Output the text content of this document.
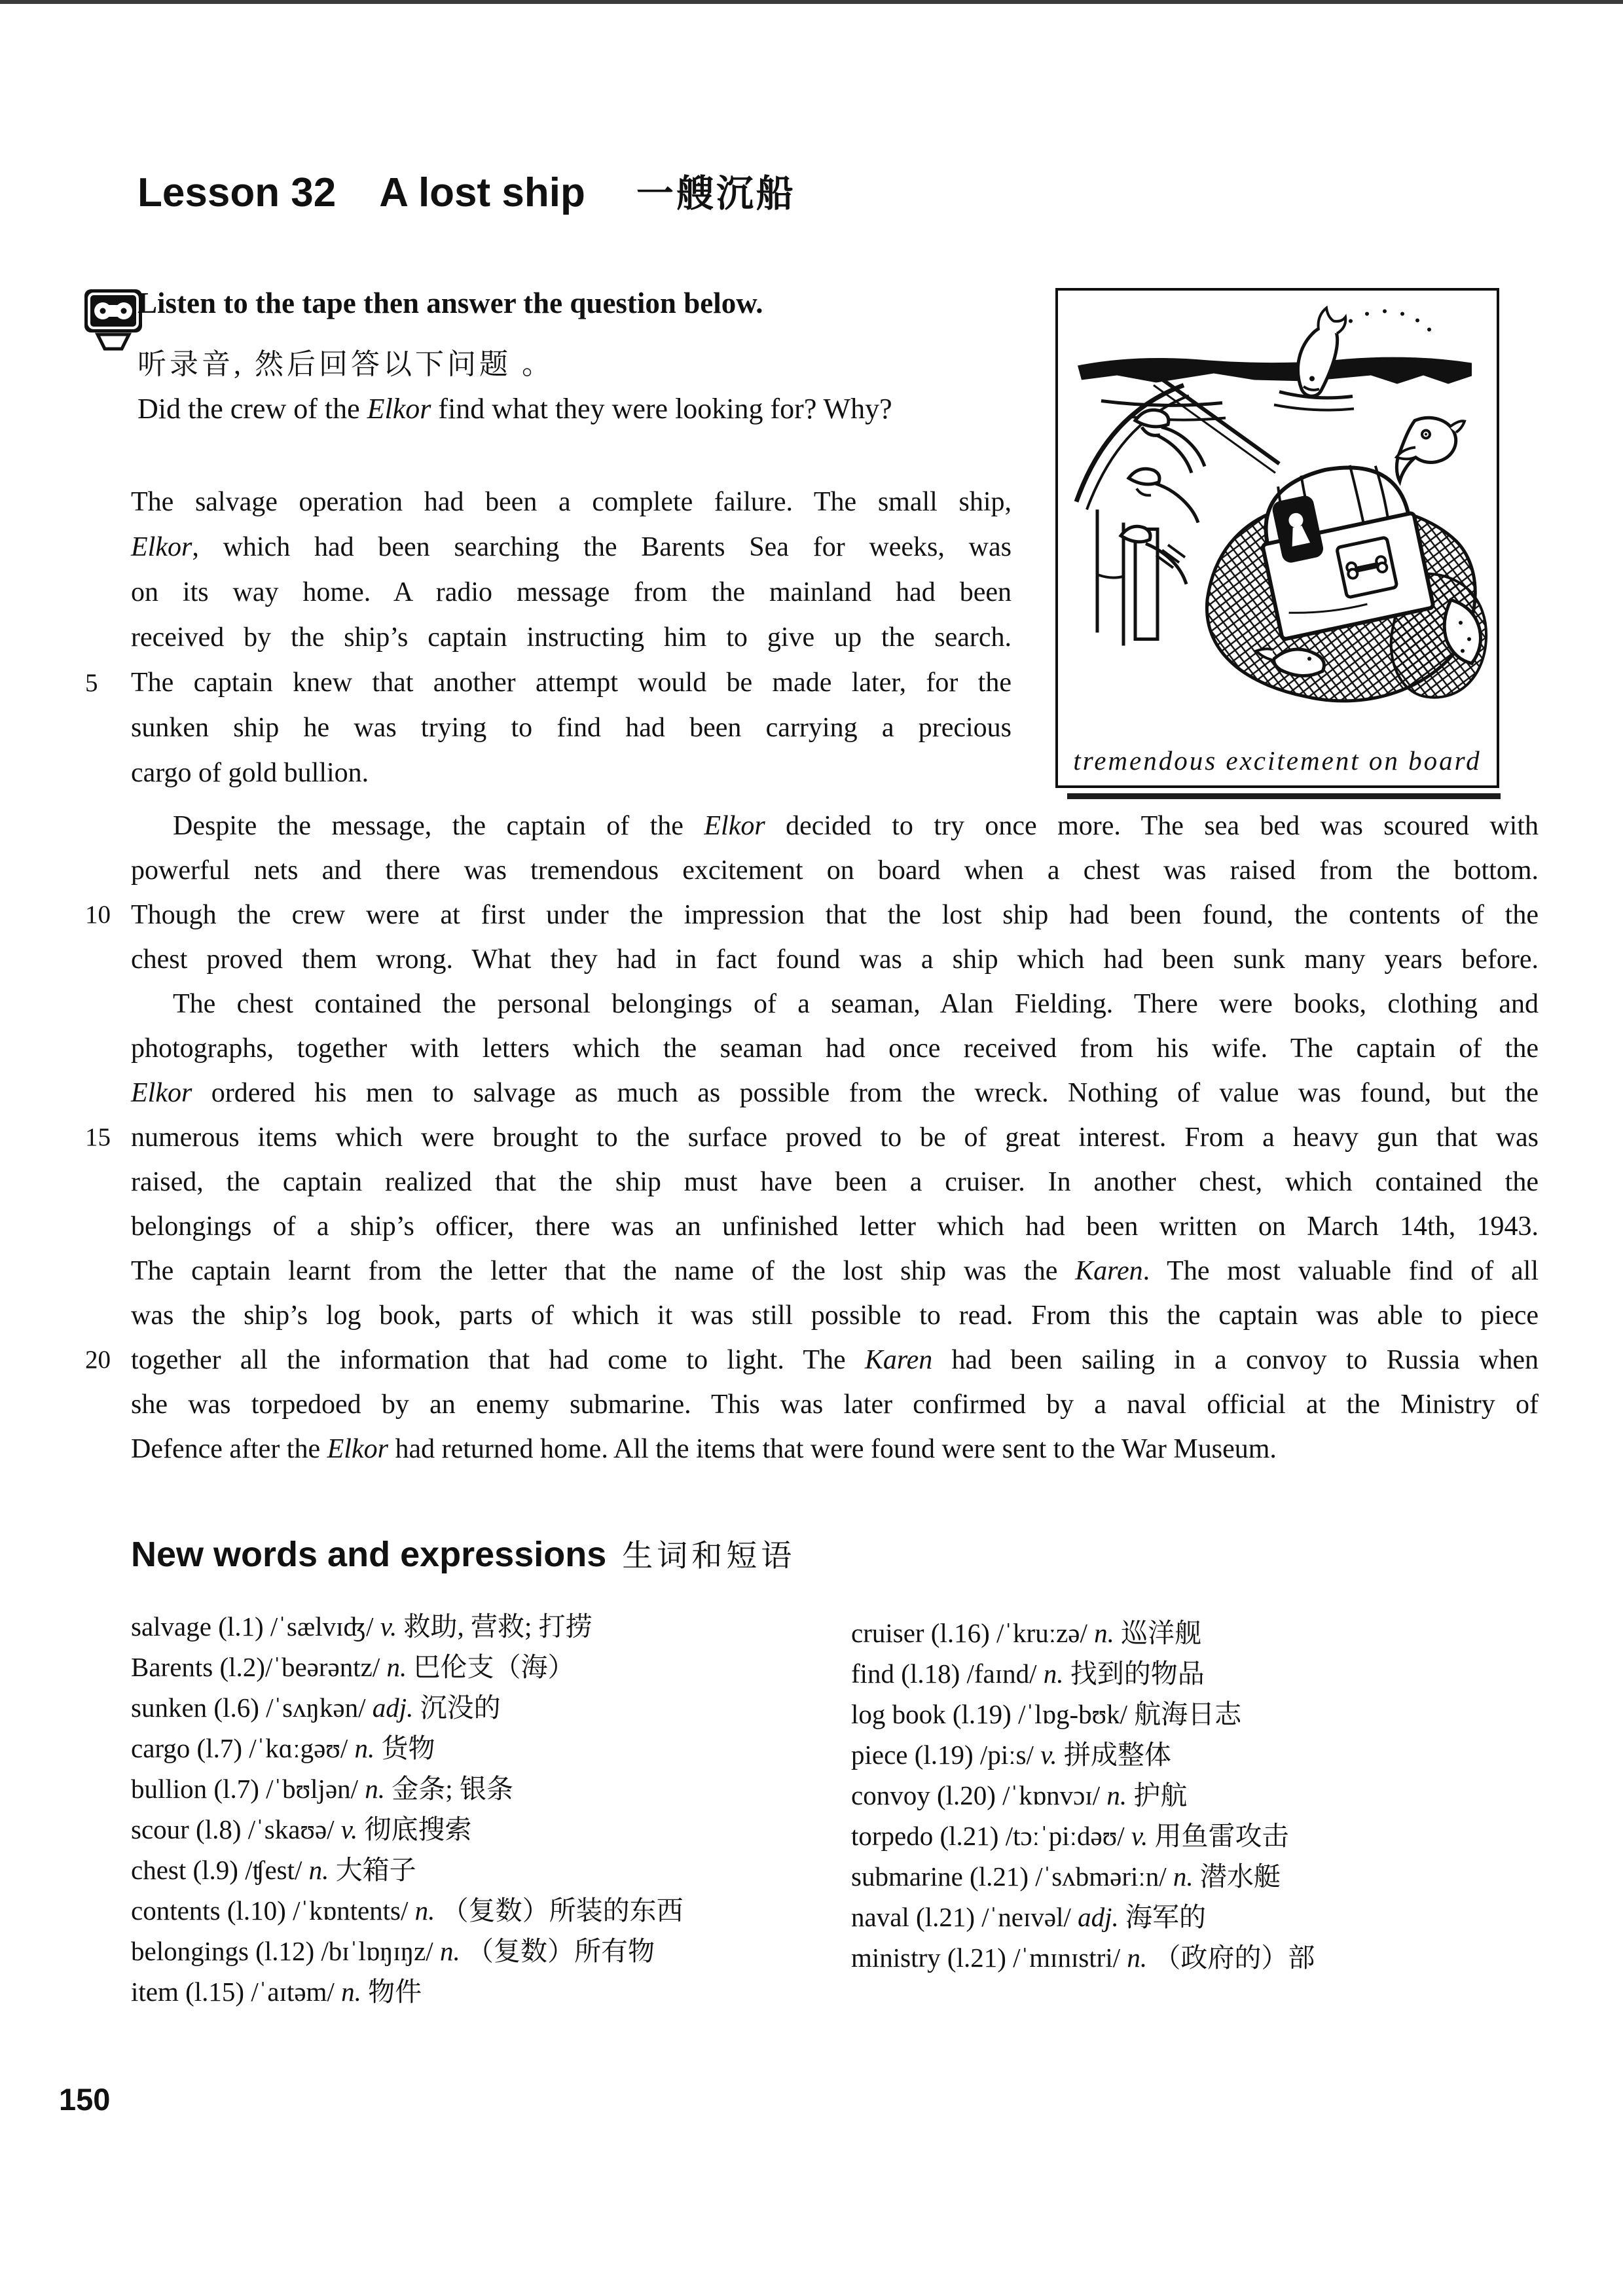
Lesson 32 A lost ship 一艘沉船
Listen to the tape then answer the question below.
听录音, 然后回答以下问题 。
Did the crew of the Elkor find what they were looking for? Why?
tremendous excitement on board
The salvage operation had been a complete failure. The small ship,
Elkor, which had been searching the Barents Sea for weeks, was
on its way home. A radio message from the mainland had been
received by the ship’s captain instructing him to give up the search.
5	The captain knew that another attempt would be made later, for the
sunken ship he was trying to find had been carrying a precious
cargo of gold bullion.
Despite the message, the captain of the Elkor decided to try once more. The sea bed was scoured with
powerful nets and there was tremendous excitement on board when a chest was raised from the bottom.
10 Though the crew were at first under the impression that the lost ship had been found, the contents of the
chest proved them wrong. What they had in fact found was a ship which had been sunk many years before.
The chest contained the personal belongings of a seaman, Alan Fielding. There were books, clothing and
photographs, together with letters which the seaman had once received from his wife. The captain of the
Elkor ordered his men to salvage as much as possible from the wreck. Nothing of value was found, but the
15 numerous items which were brought to the surface proved to be of great interest. From a heavy gun that was
raised, the captain realized that the ship must have been a cruiser. In another chest, which contained the
belongings of a ship’s officer, there was an unfinished letter which had been written on March 14th, 1943.
The captain learnt from the letter that the name of the lost ship was the Karen. The most valuable find of all
was the ship’s log book, parts of which it was still possible to read. From this the captain was able to piece
20 together all the information that had come to light. The Karen had been sailing in a convoy to Russia when
she was torpedoed by an enemy submarine. This was later confirmed by a naval official at the Ministry of
Defence after the Elkor had returned home. All the items that were found were sent to the War Museum.
New words and expressions 生词和短语
salvage (l.1) /ˈsælvɪʤ/ v. 救助, 营救; 打捞
Barents (l.2)/ˈbeərəntz/ n. 巴伦支（海）
sunken (l.6) /ˈsʌŋkən/ adj. 沉没的
cargo (l.7) /ˈkɑːgəʊ/ n. 货物
bullion (l.7) /ˈbʊljən/ n. 金条; 银条
scour (l.8) /ˈskaʊə/ v. 彻底搜索
chest (l.9) /ʧest/ n. 大箱子
contents (l.10) /ˈkɒntents/ n. （复数）所装的东西
belongings (l.12) /bɪˈlɒŋɪŋz/ n. （复数）所有物
item (l.15) /ˈaɪtəm/ n. 物件
cruiser (l.16) /ˈkruːzə/ n. 巡洋舰
find (l.18) /faɪnd/ n. 找到的物品
log book (l.19) /ˈlɒg-bʊk/ 航海日志
piece (l.19) /piːs/ v. 拼成整体
convoy (l.20) /ˈkɒnvɔɪ/ n. 护航
torpedo (l.21) /tɔːˈpiːdəʊ/ v. 用鱼雷攻击
submarine (l.21) /ˈsʌbməriːn/ n. 潜水艇
naval (l.21) /ˈneɪvəl/ adj. 海军的
ministry (l.21) /ˈmɪnɪstri/ n. （政府的）部
150
